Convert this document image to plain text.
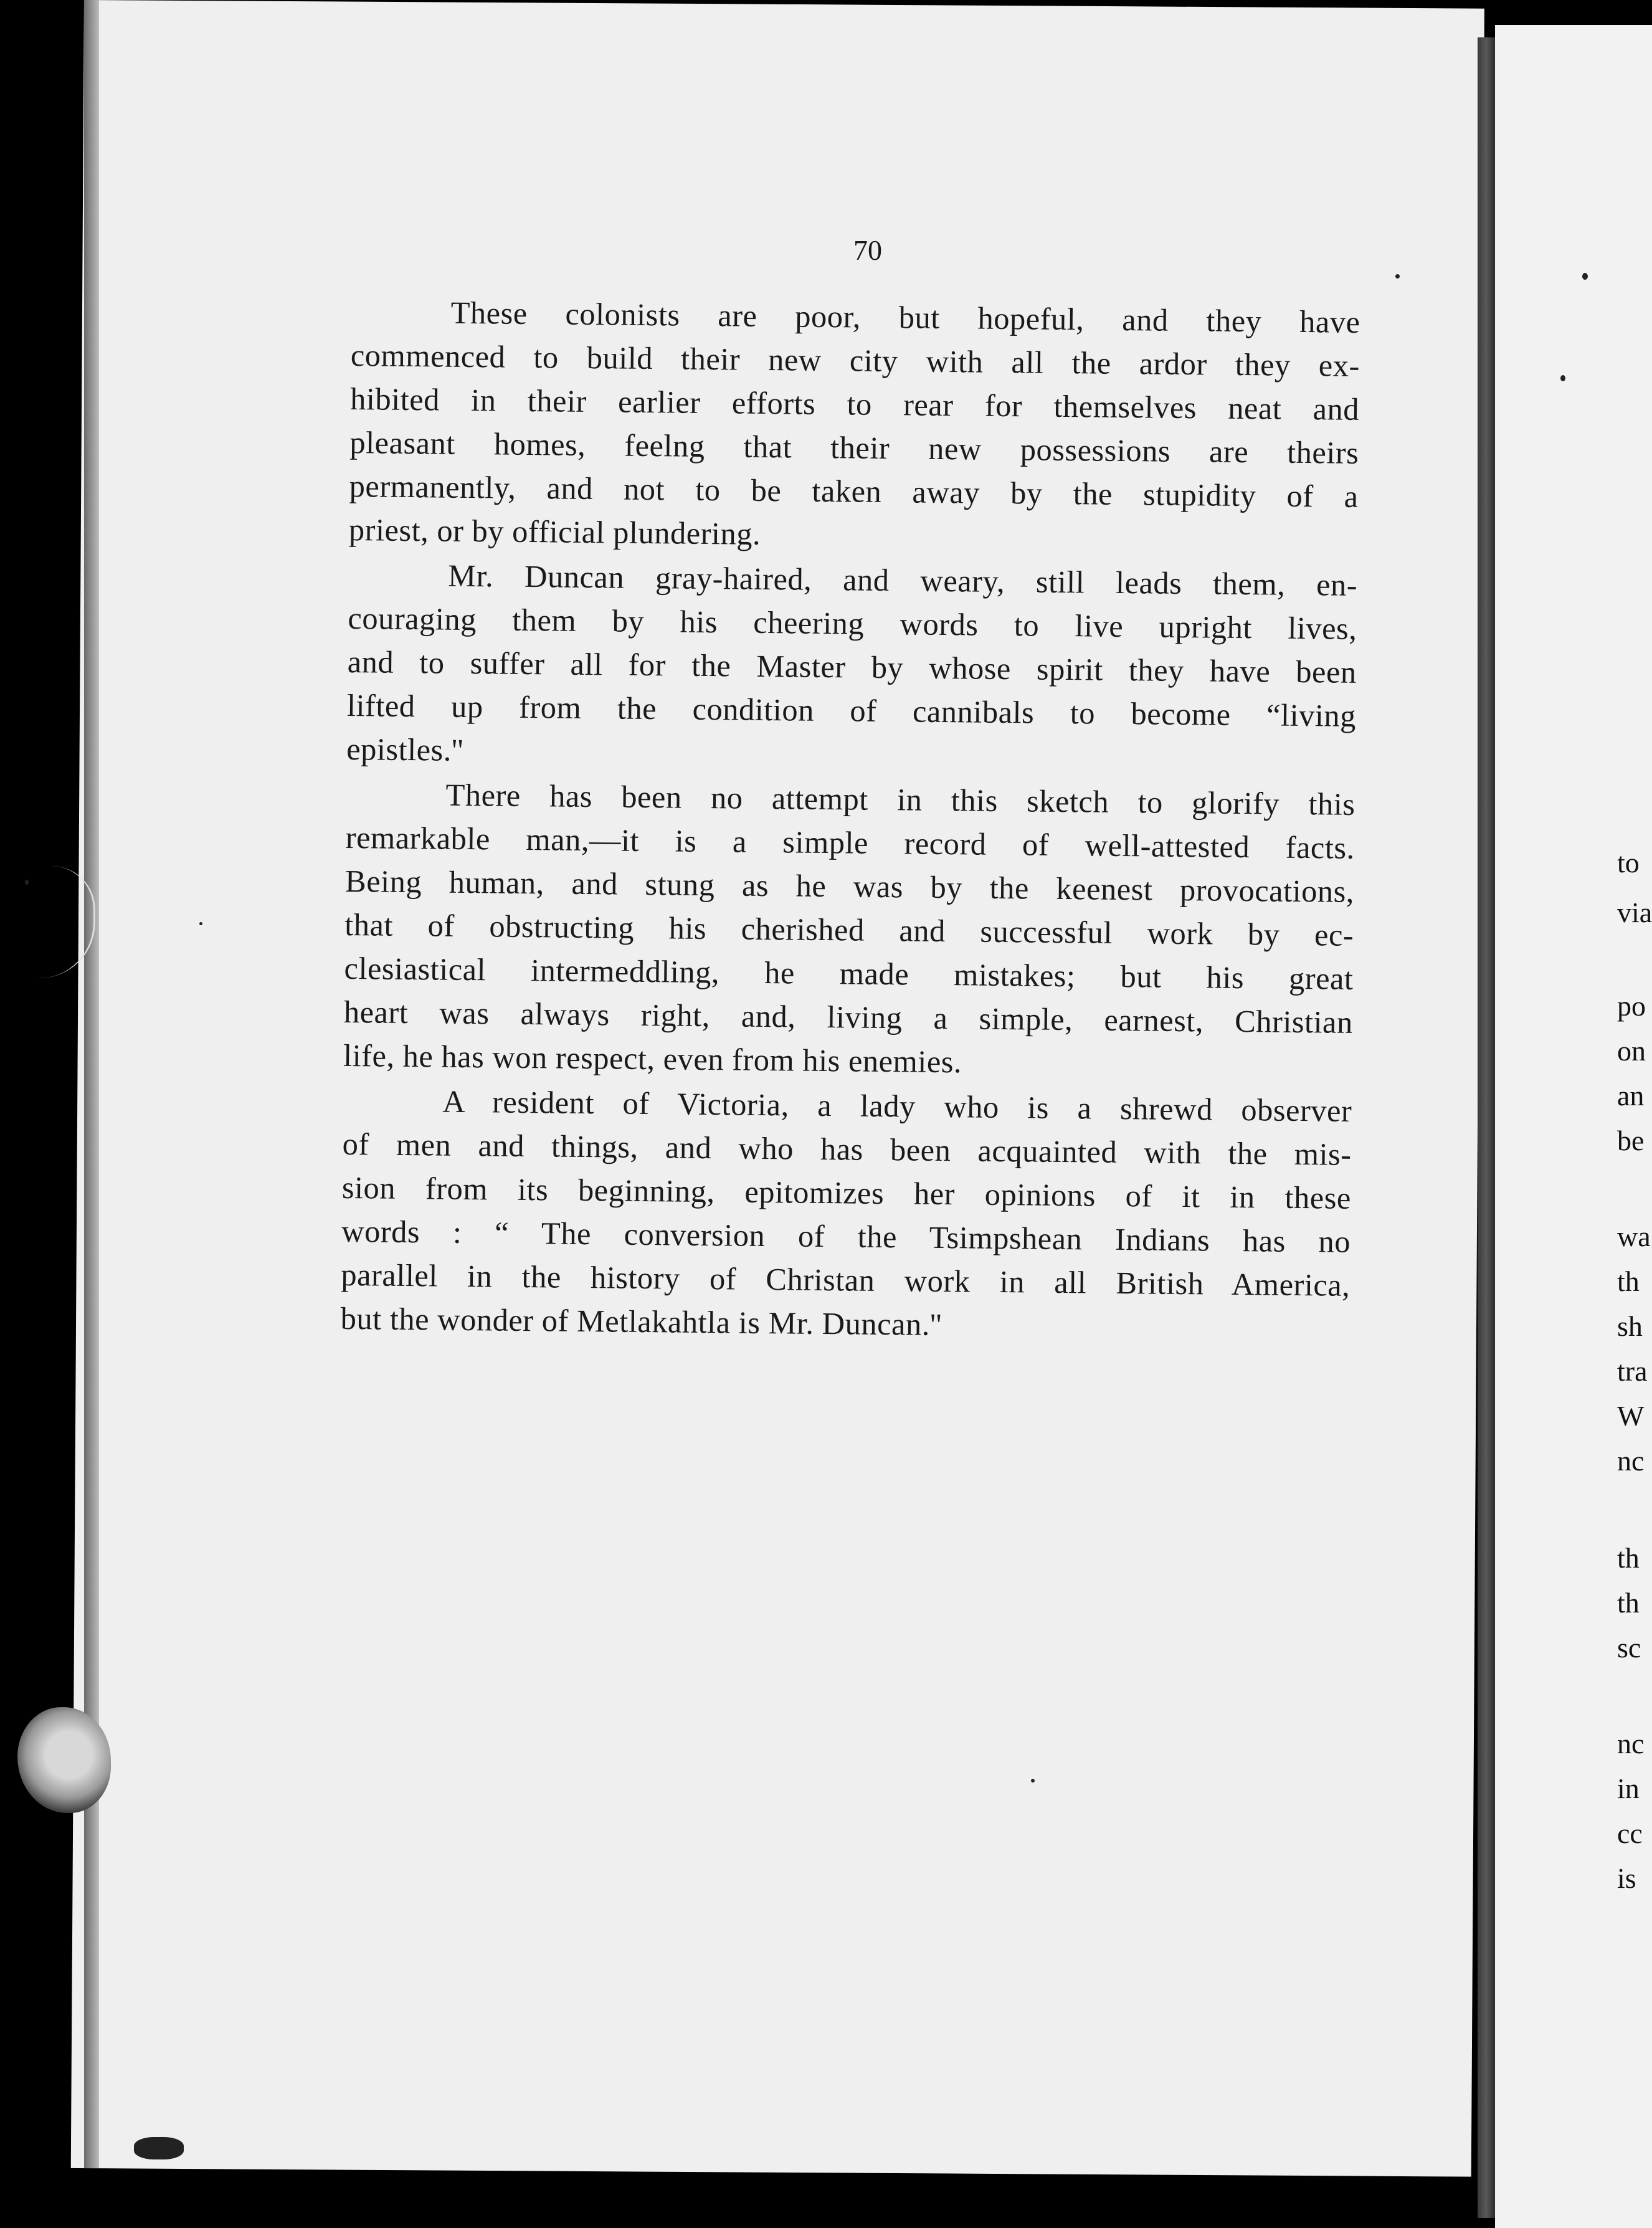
to
via
po
on
an
be
wa
th
sh
tra
W
nc
th
th
sc
nc
in
cc
is
70
These colonists are poor, but hopeful, and they have
commenced to build their new city with all the ardor they ex-
hibited in their earlier efforts to rear for themselves neat and
pleasant homes, feelng that their new possessions are theirs
permanently, and not to be taken away by the stupidity of a
priest, or by official plundering.
Mr. Duncan gray-haired, and weary, still leads them, en-
couraging them by his cheering words to live upright lives,
and to suffer all for the Master by whose spirit they have been
lifted up from the condition of cannibals to become “living
epistles.''
There has been no attempt in this sketch to glorify this
remarkable man,—it is a simple record of well-attested facts.
Being human, and stung as he was by the keenest provocations,
that of obstructing his cherished and successful work by ec-
clesiastical intermeddling, he made mistakes; but his great
heart was always right, and, living a simple, earnest, Christian
life, he has won respect, even from his enemies.
A resident of Victoria, a lady who is a shrewd observer
of men and things, and who has been acquainted with the mis-
sion from its beginning, epitomizes her opinions of it in these
words : “ The conversion of the Tsimpshean Indians has no
parallel in the history of Christan work in all British America,
but the wonder of Metlakahtla is Mr. Duncan.''
